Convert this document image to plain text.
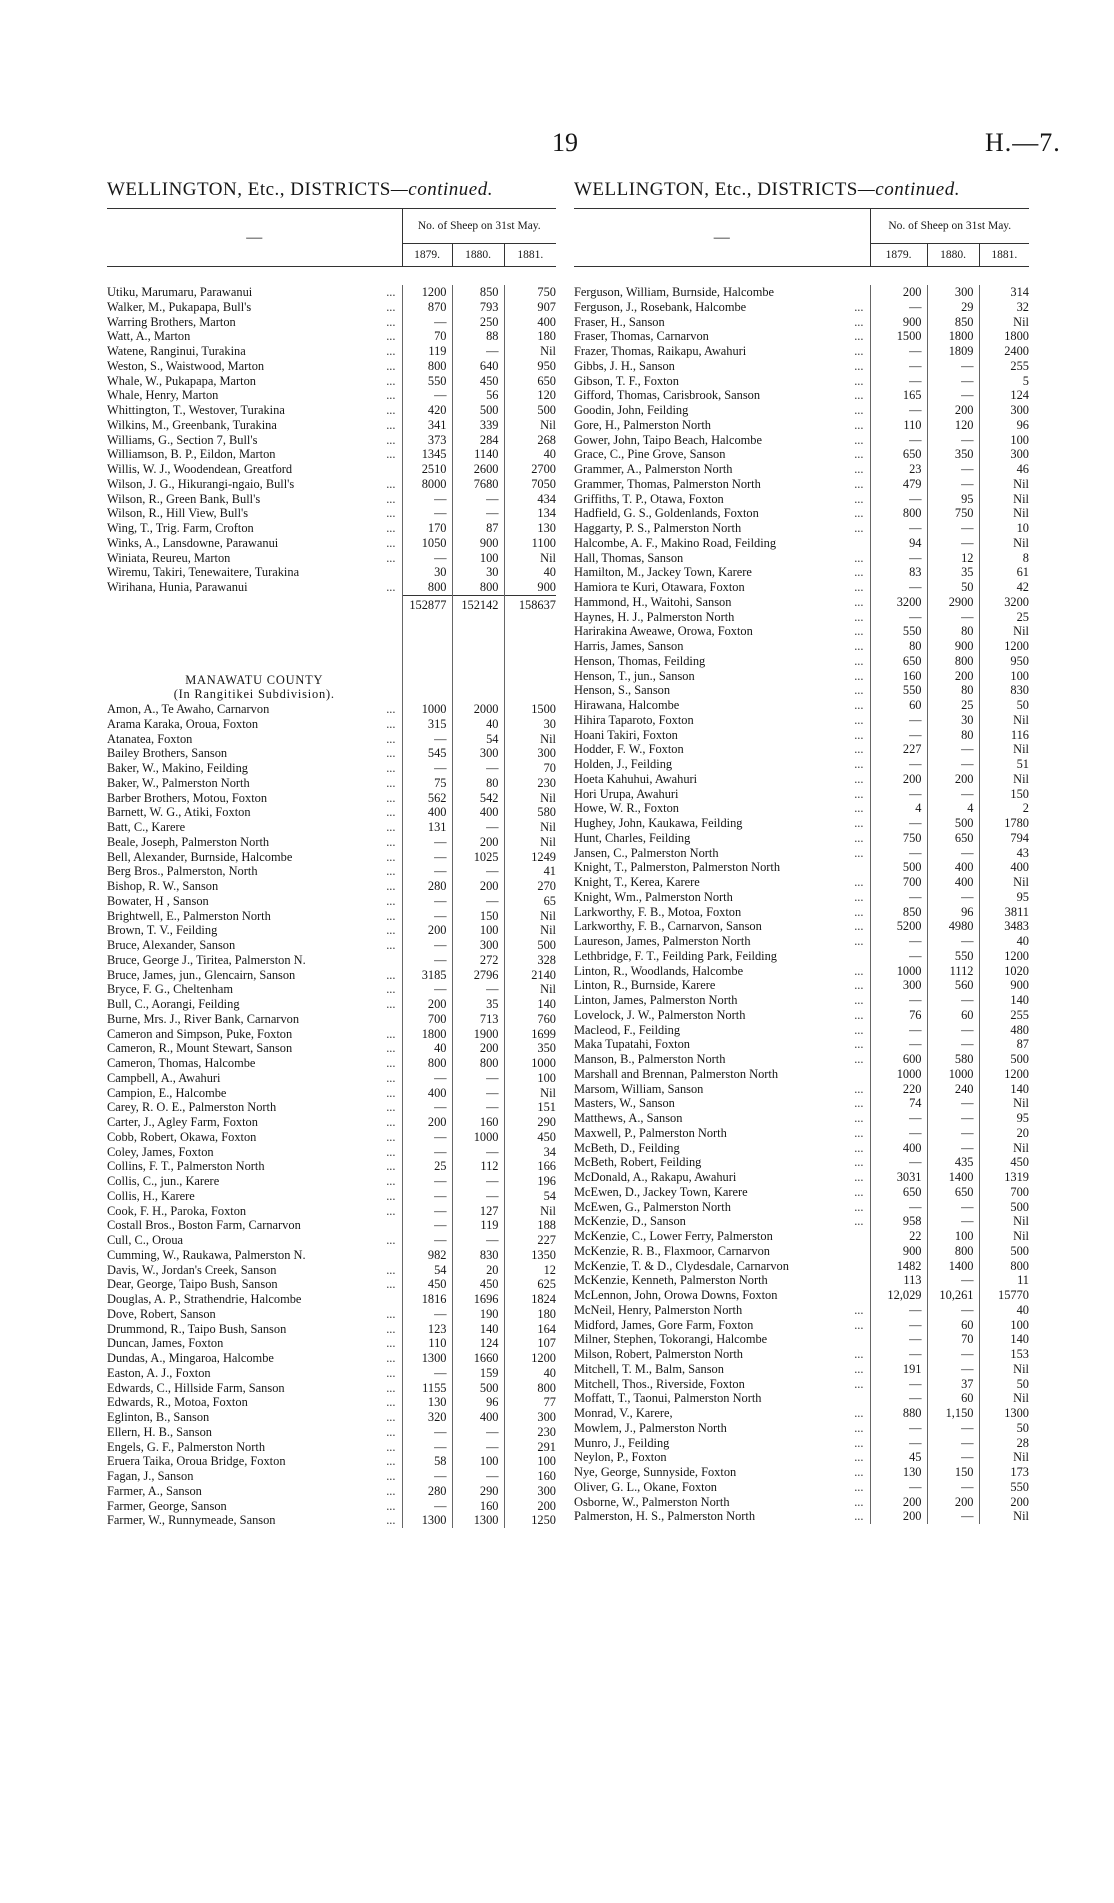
19	H.—7.
WELLINGTON, Etc., DISTRICTS—continued.
—	No. of Sheep on 31st May.		
	1879.	1880.	1881.
Utiku, Marumaru, Parawanui ...	1200	850	750
Walker, M., Pukapapa, Bull's ...	870	793	907
Warring Brothers, Marton ...	—	250	400
Watt, A., Marton ...	70	88	180
Watene, Ranginui, Turakina ...	119	—	Nil
Weston, S., Waistwood, Marton ...	800	640	950
Whale, W., Pukapapa, Marton ...	550	450	650
Whale, Henry, Marton ...	—	56	120
Whittington, T., Westover, Turakina ...	420	500	500
Wilkins, M., Greenbank, Turakina ...	341	339	Nil
Williams, G., Section 7, Bull's ...	373	284	268
Williamson, B. P., Eildon, Marton ...	1345	1140	40
Willis, W. J., Woodendean, Greatford	2510	2600	2700
Wilson, J. G., Hikurangi-ngaio, Bull's ...	8000	7680	7050
Wilson, R., Green Bank, Bull's ...	—	—	434
Wilson, R., Hill View, Bull's ...	—	—	134
Wing, T., Trig. Farm, Crofton ...	170	87	130
Winks, A., Lansdowne, Parawanui ...	1050	900	1100
Winiata, Reureu, Marton ...	—	100	Nil
Wiremu, Takiri, Tenewaitere, Turakina	30	30	40
Wirihana, Hunia, Parawanui ...	800	800	900
	152877	152142	158637

MANAWATU COUNTY			
(In Rangitikei Subdivision).			
Amon, A., Te Awaho, Carnarvon ...	1000	2000	1500
Arama Karaka, Oroua, Foxton ...	315	40	30
Atanatea, Foxton ...	—	54	Nil
Bailey Brothers, Sanson ...	545	300	300
Baker, W., Makino, Feilding ...	—	—	70
Baker, W., Palmerston North ...	75	80	230
Barber Brothers, Motou, Foxton ...	562	542	Nil
Barnett, W. G., Atiki, Foxton ...	400	400	580
Batt, C., Karere ...	131	—	Nil
Beale, Joseph, Palmerston North ...	—	200	Nil
Bell, Alexander, Burnside, Halcombe ...	—	1025	1249
Berg Bros., Palmerston, North ...	—	—	41
Bishop, R. W., Sanson ...	280	200	270
Bowater, H , Sanson ...	—	—	65
Brightwell, E., Palmerston North ...	—	150	Nil
Brown, T. V., Feilding ...	200	100	Nil
Bruce, Alexander, Sanson ...	—	300	500
Bruce, George J., Tiritea, Palmerston N.	—	272	328
Bruce, James, jun., Glencairn, Sanson ...	3185	2796	2140
Bryce, F. G., Cheltenham ...	—	—	Nil
Bull, C., Aorangi, Feilding ...	200	35	140
Burne, Mrs. J., River Bank, Carnarvon	700	713	760
Cameron and Simpson, Puke, Foxton ...	1800	1900	1699
Cameron, R., Mount Stewart, Sanson ...	40	200	350
Cameron, Thomas, Halcombe ...	800	800	1000
Campbell, A., Awahuri ...	—	—	100
Campion, E., Halcombe ...	400	—	Nil
Carey, R. O. E., Palmerston North ...	—	—	151
Carter, J., Agley Farm, Foxton ...	200	160	290
Cobb, Robert, Okawa, Foxton ...	—	1000	450
Coley, James, Foxton ...	—	—	34
Collins, F. T., Palmerston North ...	25	112	166
Collis, C., jun., Karere ...	—	—	196
Collis, H., Karere ...	—	—	54
Cook, F. H., Paroka, Foxton ...	—	127	Nil
Costall Bros., Boston Farm, Carnarvon	—	119	188
Cull, C., Oroua ...	—	—	227
Cumming, W., Raukawa, Palmerston N.	982	830	1350
Davis, W., Jordan's Creek, Sanson ...	54	20	12
Dear, George, Taipo Bush, Sanson ...	450	450	625
Douglas, A. P., Strathendrie, Halcombe	1816	1696	1824
Dove, Robert, Sanson ...	—	190	180
Drummond, R., Taipo Bush, Sanson ...	123	140	164
Duncan, James, Foxton ...	110	124	107
Dundas, A., Mingaroa, Halcombe ...	1300	1660	1200
Easton, A. J., Foxton ...	—	159	40
Edwards, C., Hillside Farm, Sanson ...	1155	500	800
Edwards, R., Motoa, Foxton ...	130	96	77
Eglinton, B., Sanson ...	320	400	300
Ellern, H. B., Sanson ...	—	—	230
Engels, G. F., Palmerston North ...	—	—	291
Eruera Taika, Oroua Bridge, Foxton ...	58	100	100
Fagan, J., Sanson ...	—	—	160
Farmer, A., Sanson ...	280	290	300
Farmer, George, Sanson ...	—	160	200
Farmer, W., Runnymeade, Sanson ...	1300	1300	1250
WELLINGTON, Etc., DISTRICTS—continued.
—	No. of Sheep on 31st May.		
	1879.	1880.	1881.
Ferguson, William, Burnside, Halcombe	200	300	314
Ferguson, J., Rosebank, Halcombe ...	—	29	32
Fraser, H., Sanson ...	900	850	Nil
Fraser, Thomas, Carnarvon ...	1500	1800	1800
Frazer, Thomas, Raikapu, Awahuri ...	—	1809	2400
Gibbs, J. H., Sanson ...	—	—	255
Gibson, T. F., Foxton ...	—	—	5
Gifford, Thomas, Carisbrook, Sanson ...	165	—	124
Goodin, John, Feilding ...	—	200	300
Gore, H., Palmerston North ...	110	120	96
Gower, John, Taipo Beach, Halcombe ...	—	—	100
Grace, C., Pine Grove, Sanson ...	650	350	300
Grammer, A., Palmerston North ...	23	—	46
Grammer, Thomas, Palmerston North ...	479	—	Nil
Griffiths, T. P., Otawa, Foxton ...	—	95	Nil
Hadfield, G. S., Goldenlands, Foxton ...	800	750	Nil
Haggarty, P. S., Palmerston North ...	—	—	10
Halcombe, A. F., Makino Road, Feilding	94	—	Nil
Hall, Thomas, Sanson ...	—	12	8
Hamilton, M., Jackey Town, Karere ...	83	35	61
Hamiora te Kuri, Otawara, Foxton ...	—	50	42
Hammond, H., Waitohi, Sanson ...	3200	2900	3200
Haynes, H. J., Palmerston North ...	—	—	25
Harirakina Aweawe, Orowa, Foxton ...	550	80	Nil
Harris, James, Sanson ...	80	900	1200
Henson, Thomas, Feilding ...	650	800	950
Henson, T., jun., Sanson ...	160	200	100
Henson, S., Sanson ...	550	80	830
Hirawana, Halcombe ...	60	25	50
Hihira Taparoto, Foxton ...	—	30	Nil
Hoani Takiri, Foxton ...	—	80	116
Hodder, F. W., Foxton ...	227	—	Nil
Holden, J., Feilding ...	—	—	51
Hoeta Kahuhui, Awahuri ...	200	200	Nil
Hori Urupa, Awahuri ...	—	—	150
Howe, W. R., Foxton ...	4	4	2
Hughey, John, Kaukawa, Feilding ...	—	500	1780
Hunt, Charles, Feilding ...	750	650	794
Jansen, C., Palmerston North ...	—	—	43
Knight, T., Palmerston, Palmerston North	500	400	400
Knight, T., Kerea, Karere ...	700	400	Nil
Knight, Wm., Palmerston North ...	—	—	95
Larkworthy, F. B., Motoa, Foxton ...	850	96	3811
Larkworthy, F. B., Carnarvon, Sanson ...	5200	4980	3483
Laureson, James, Palmerston North ...	—	—	40
Lethbridge, F. T., Feilding Park, Feilding	—	550	1200
Linton, R., Woodlands, Halcombe ...	1000	1112	1020
Linton, R., Burnside, Karere ...	300	560	900
Linton, James, Palmerston North ...	—	—	140
Lovelock, J. W., Palmerston North ...	76	60	255
Macleod, F., Feilding ...	—	—	480
Maka Tupatahi, Foxton ...	—	—	87
Manson, B., Palmerston North ...	600	580	500
Marshall and Brennan, Palmerston North	1000	1000	1200
Marsom, William, Sanson ...	220	240	140
Masters, W., Sanson ...	74	—	Nil
Matthews, A., Sanson ...	—	—	95
Maxwell, P., Palmerston North ...	—	—	20
McBeth, D., Feilding ...	400	—	Nil
McBeth, Robert, Feilding ...	—	435	450
McDonald, A., Rakapu, Awahuri ...	3031	1400	1319
McEwen, D., Jackey Town, Karere ...	650	650	700
McEwen, G., Palmerston North ...	—	—	500
McKenzie, D., Sanson ...	958	—	Nil
McKenzie, C., Lower Ferry, Palmerston	22	100	Nil
McKenzie, R. B., Flaxmoor, Carnarvon	900	800	500
McKenzie, T. & D., Clydesdale, Carnarvon	1482	1400	800
McKenzie, Kenneth, Palmerston North	113	—	11
McLennon, John, Orowa Downs, Foxton	12,029	10,261	15770
McNeil, Henry, Palmerston North ...	—	—	40
Midford, James, Gore Farm, Foxton ...	—	60	100
Milner, Stephen, Tokorangi, Halcombe	—	70	140
Milson, Robert, Palmerston North ...	—	—	153
Mitchell, T. M., Balm, Sanson ...	191	—	Nil
Mitchell, Thos., Riverside, Foxton ...	—	37	50
Moffatt, T., Taonui, Palmerston North	—	60	Nil
Monrad, V., Karere, ...	880	1,150	1300
Mowlem, J., Palmerston North ...	—	—	50
Munro, J., Feilding ...	—	—	28
Neylon, P., Foxton ...	45	—	Nil
Nye, George, Sunnyside, Foxton ...	130	150	173
Oliver, G. L., Okane, Foxton ...	—	—	550
Osborne, W., Palmerston North ...	200	200	200
Palmerston, H. S., Palmerston North ...	200	—	Nil
